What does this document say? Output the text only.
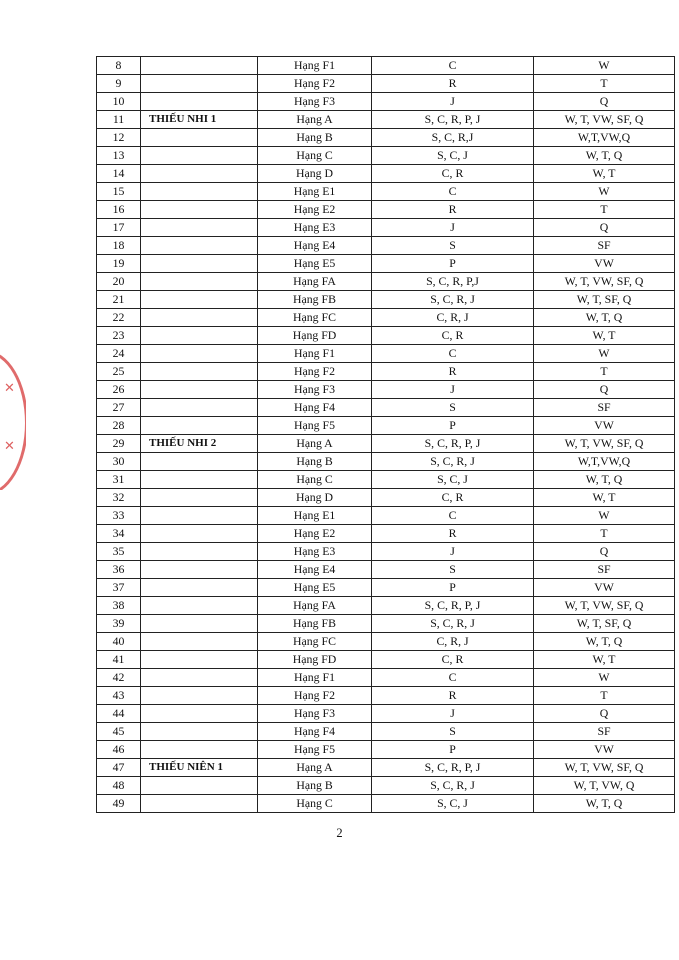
✕
✕
8		Hạng F1	C	W
9		Hạng F2	R	T
10		Hạng F3	J	Q
11	THIẾU NHI 1	Hạng A	S, C, R, P, J	W, T, VW, SF, Q
12		Hạng B	S, C, R,J	W,T,VW,Q
13		Hạng C	S, C, J	W, T, Q
14		Hạng D	C, R	W, T
15		Hạng E1	C	W
16		Hạng E2	R	T
17		Hạng E3	J	Q
18		Hạng E4	S	SF
19		Hạng E5	P	VW
20		Hạng FA	S, C, R, P,J	W, T, VW, SF, Q
21		Hạng FB	S, C, R, J	W, T, SF, Q
22		Hạng FC	C, R, J	W, T, Q
23		Hạng FD	C, R	W, T
24		Hạng F1	C	W
25		Hạng F2	R	T
26		Hạng F3	J	Q
27		Hạng F4	S	SF
28		Hạng F5	P	VW
29	THIẾU NHI 2	Hạng A	S, C, R, P, J	W, T, VW, SF, Q
30		Hạng B	S, C, R, J	W,T,VW,Q
31		Hạng C	S, C, J	W, T, Q
32		Hạng D	C, R	W, T
33		Hạng E1	C	W
34		Hạng E2	R	T
35		Hạng E3	J	Q
36		Hạng E4	S	SF
37		Hạng E5	P	VW
38		Hạng FA	S, C, R, P, J	W, T, VW, SF, Q
39		Hạng FB	S, C, R, J	W, T, SF, Q
40		Hạng FC	C, R, J	W, T, Q
41		Hạng FD	C, R	W, T
42		Hạng F1	C	W
43		Hạng F2	R	T
44		Hạng F3	J	Q
45		Hạng F4	S	SF
46		Hạng F5	P	VW
47	THIẾU NIÊN 1	Hạng A	S, C, R, P, J	W, T, VW, SF, Q
48		Hạng B	S, C, R, J	W, T, VW, Q
49		Hạng C	S, C, J	W, T, Q
2
